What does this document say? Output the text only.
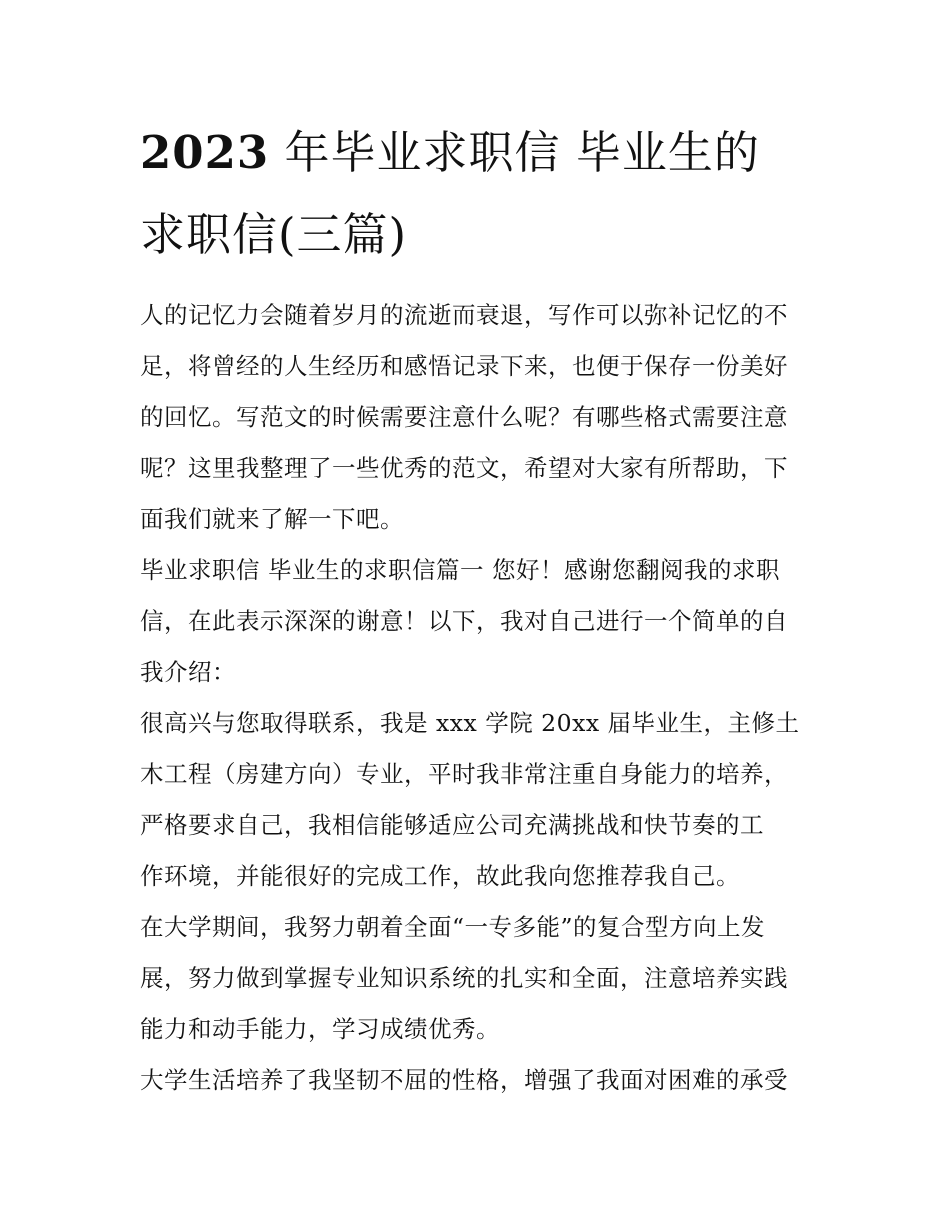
2023 年毕业求职信 毕业生的
求职信(三篇)

人的记忆力会随着岁月的流逝而衰退，写作可以弥补记忆的不
足，将曾经的人生经历和感悟记录下来，也便于保存一份美好
的回忆。写范文的时候需要注意什么呢？有哪些格式需要注意
呢？这里我整理了一些优秀的范文，希望对大家有所帮助，下
面我们就来了解一下吧。

毕业求职信 毕业生的求职信篇一 您好！感谢您翻阅我的求职
信，在此表示深深的谢意！以下，我对自己进行一个简单的自
我介绍：

很高兴与您取得联系，我是 xxx 学院 20xx 届毕业生，主修土
木工程（房建方向）专业，平时我非常注重自身能力的培养，
严格要求自己，我相信能够适应公司充满挑战和快节奏的工
作环境，并能很好的完成工作，故此我向您推荐我自己。

在大学期间，我努力朝着全面“一专多能”的复合型方向上发
展，努力做到掌握专业知识系统的扎实和全面，注意培养实践
能力和动手能力，学习成绩优秀。

大学生活培养了我坚韧不屈的性格，增强了我面对困难的承受
